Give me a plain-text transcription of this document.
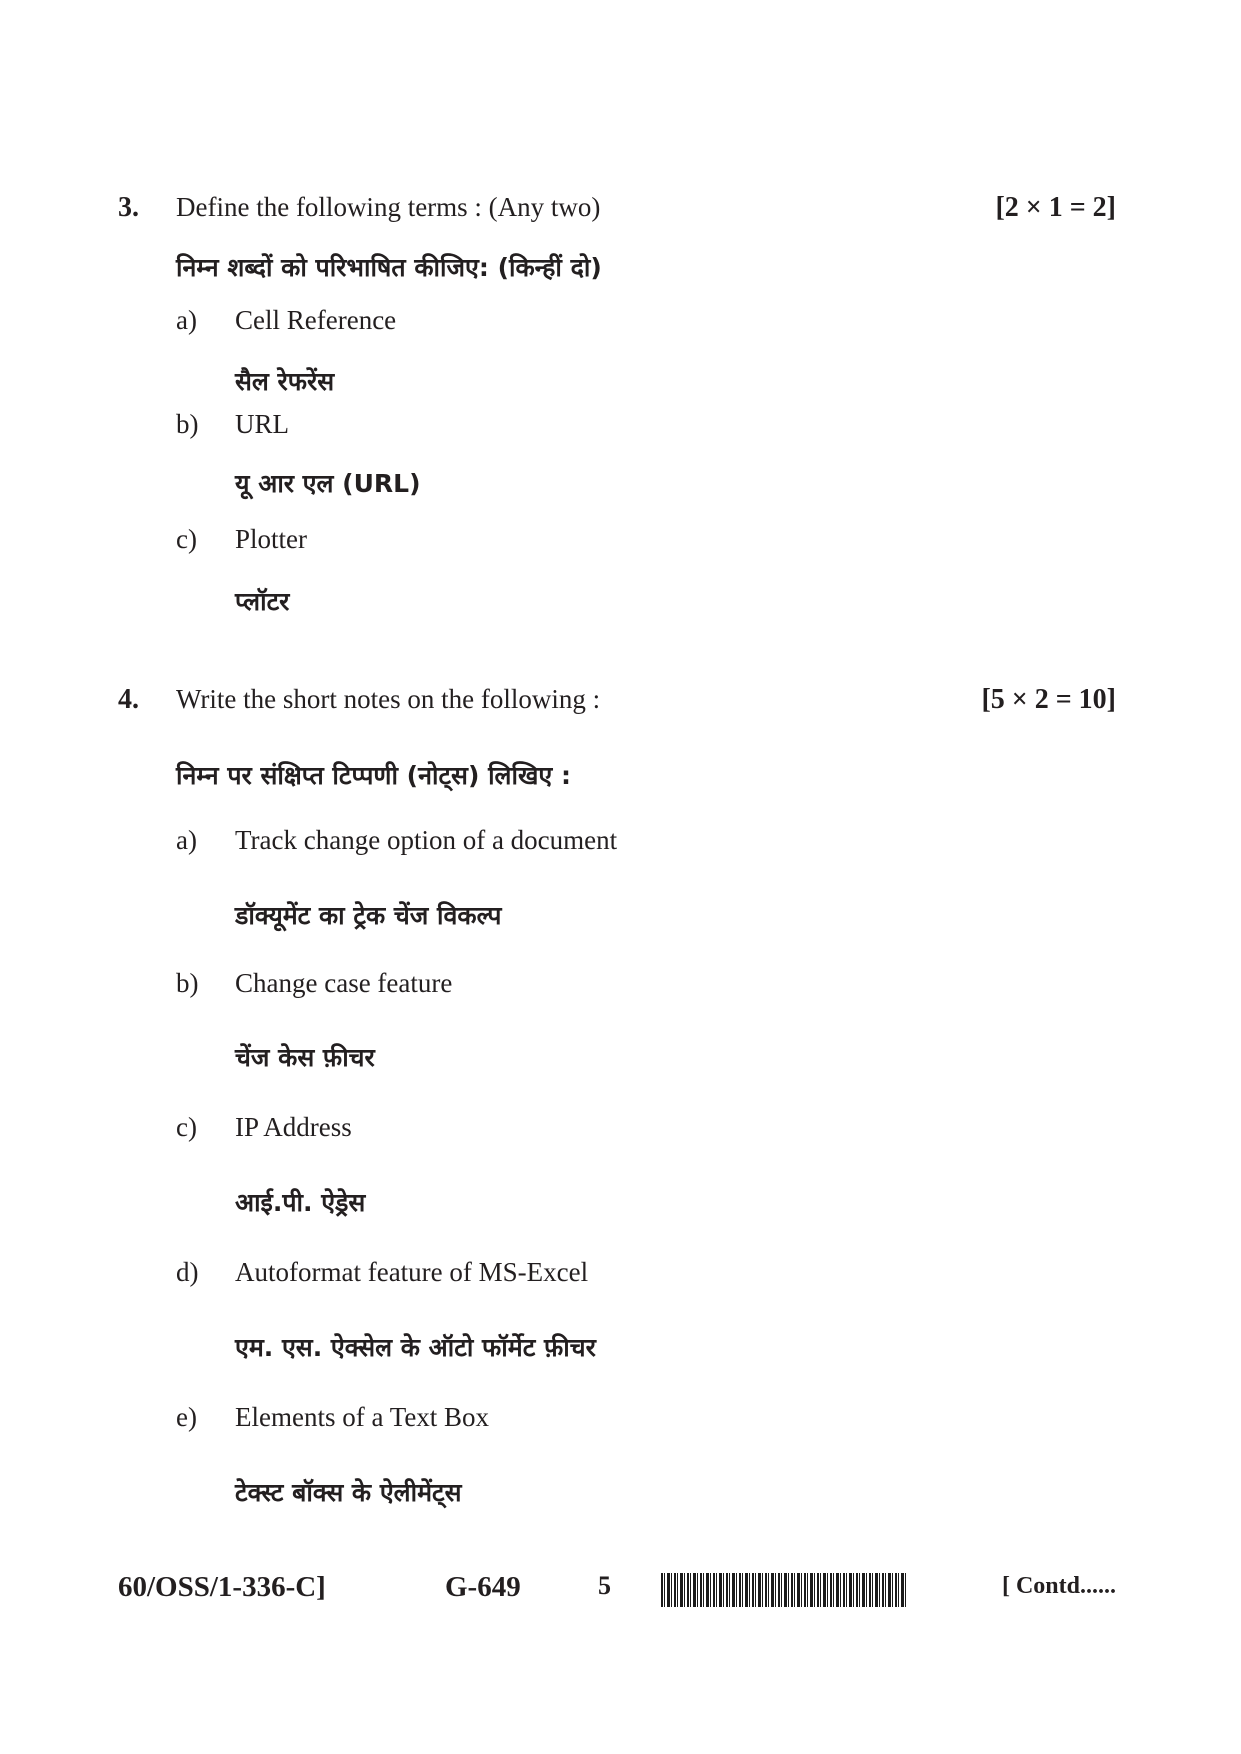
3. Define the following terms : (Any two)	[2 × 1 = 2]
निम्न शब्दों को परिभाषित कीजिए: (किन्हीं दो)
a) Cell Reference
सैल रेफरेंस
b) URL
यू आर एल (URL)
c) Plotter
प्लॉटर
4. Write the short notes on the following :	[5 × 2 = 10]
निम्न पर संक्षिप्त टिप्पणी (नोट्स) लिखिए :
a) Track change option of a document
डॉक्यूमेंट का ट्रेक चेंज विकल्प
b) Change case feature
चेंज केस फ़ीचर
c) IP Address
आई.पी. ऐड्रेस
d) Autoformat feature of MS-Excel
एम. एस. ऐक्सेल के ऑटो फॉर्मेट फ़ीचर
e) Elements of a Text Box
टेक्स्ट बॉक्स के ऐलीमेंट्स
60/OSS/1-336-C]	G-649	5	[ Contd......
